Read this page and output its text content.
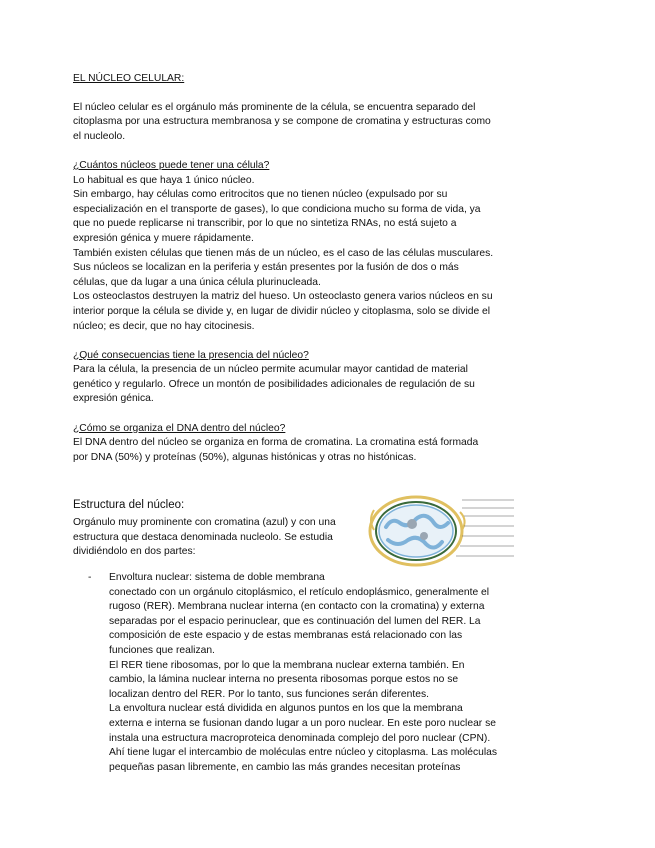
EL NÚCLEO CELULAR:

El núcleo celular es el orgánulo más prominente de la célula, se encuentra separado del

citoplasma por una estructura membranosa y se compone de cromatina y estructuras como

el nucleolo.

¿Cuántos núcleos puede tener una célula?

Lo habitual es que haya 1 único núcleo.

Sin embargo, hay células como eritrocitos que no tienen núcleo (expulsado por su

especialización en el transporte de gases), lo que condiciona mucho su forma de vida, ya

que no puede replicarse ni transcribir, por lo que no sintetiza RNAs, no está sujeto a

expresión génica y muere rápidamente.

También existen células que tienen más de un núcleo, es el caso de las células musculares.

Sus núcleos se localizan en la periferia y están presentes por la fusión de dos o más

células, que da lugar a una única célula plurinucleada.

Los osteoclastos destruyen la matriz del hueso. Un osteoclasto genera varios núcleos en su

interior porque la célula se divide y, en lugar de dividir núcleo y citoplasma, solo se divide el

núcleo; es decir, que no hay citocinesis.

¿Qué consecuencias tiene la presencia del núcleo?

Para la célula, la presencia de un núcleo permite acumular mayor cantidad de material

genético y regularlo. Ofrece un montón de posibilidades adicionales de regulación de su

expresión génica.

¿Cómo se organiza el DNA dentro del núcleo?

El DNA dentro del núcleo se organiza en forma de cromatina. La cromatina está formada

por DNA (50%) y proteínas (50%), algunas histónicas y otras no histónicas.

Estructura del núcleo:

Orgánulo muy prominente con cromatina (azul) y con una

estructura que destaca denominada nucleolo. Se estudia

dividiéndolo en dos partes:

- Envoltura nuclear: sistema de doble membrana

conectado con un orgánulo citoplásmico, el retículo endoplásmico, generalmente el

rugoso (RER). Membrana nuclear interna (en contacto con la cromatina) y externa

separadas por el espacio perinuclear, que es continuación del lumen del RER. La

composición de este espacio y de estas membranas está relacionado con las

funciones que realizan.

El RER tiene ribosomas, por lo que la membrana nuclear externa también. En

cambio, la lámina nuclear interna no presenta ribosomas porque estos no se

localizan dentro del RER. Por lo tanto, sus funciones serán diferentes.

La envoltura nuclear está dividida en algunos puntos en los que la membrana

externa e interna se fusionan dando lugar a un poro nuclear. En este poro nuclear se

instala una estructura macroproteica denominada complejo del poro nuclear (CPN).

Ahí tiene lugar el intercambio de moléculas entre núcleo y citoplasma. Las moléculas

pequeñas pasan libremente, en cambio las más grandes necesitan proteínas
